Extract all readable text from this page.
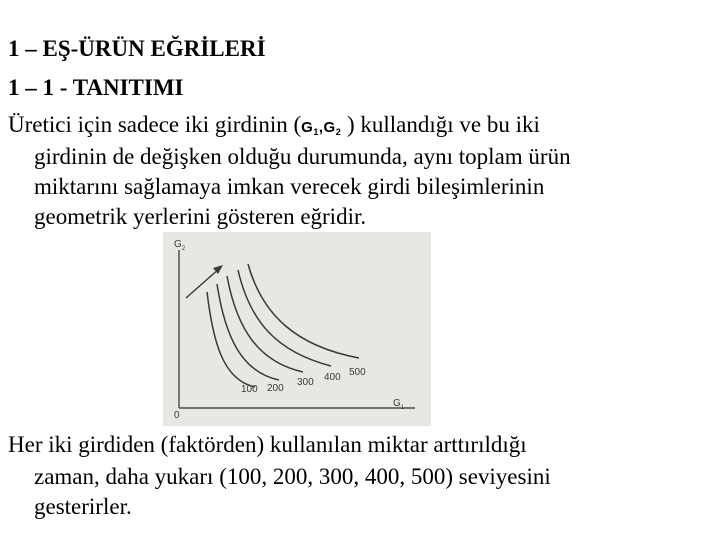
1 – EŞ-ÜRÜN EĞRİLERİ
1 – 1 - TANITIMI
Üretici için sadece iki girdinin ($G_1,G_2$ ) kullandığı ve bu iki
girdinin de değişken olduğu durumunda, aynı toplam ürün
miktarını sağlamaya imkan verecek girdi bileşimlerinin
geometrik yerlerini gösteren eğridir.
$G_2$
$G_1$
0
100 200
300 400 500
Her iki girdiden (faktörden) kullanılan miktar arttırıldığı
zaman, daha yukarı (100, 200, 300, 400, 500) seviyesini
gesterirler.
